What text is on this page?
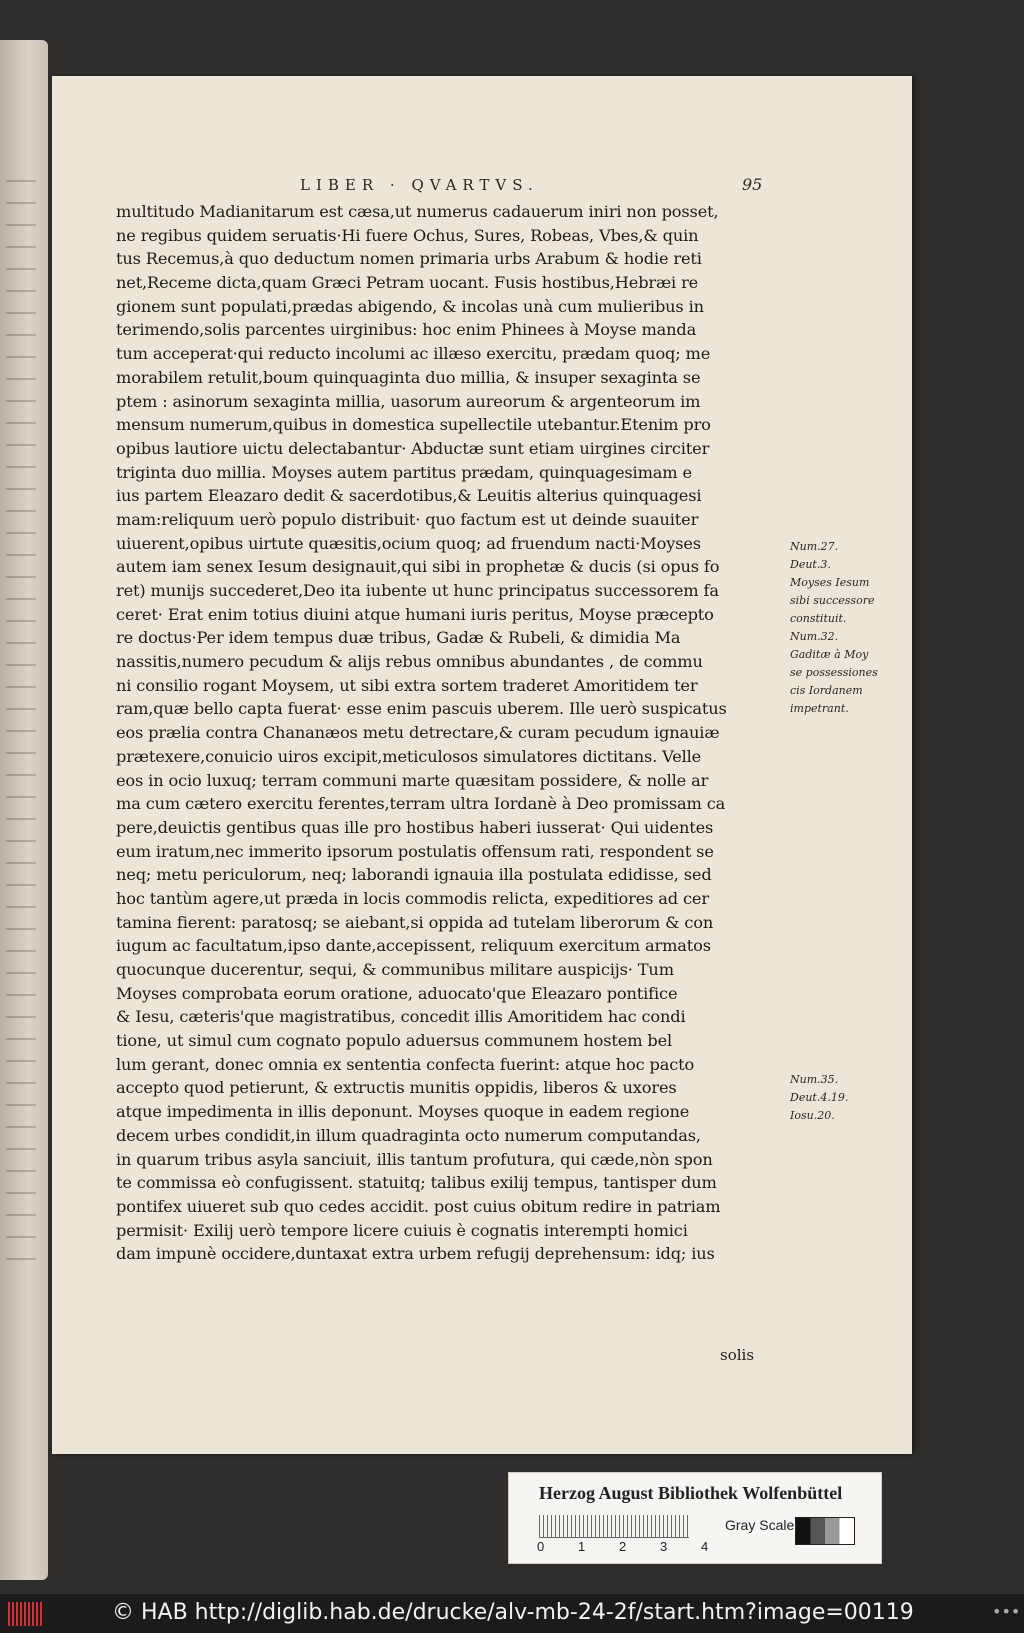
LIBER · QVARTVS.	95
multitudo Madianitarum est cæsa,ut numerus cadauerum iniri non posset,
ne regibus quidem seruatis·Hi fuere Ochus, Sures, Robeas, Vbes,& quin
tus Recemus,à quo deductum nomen primaria urbs Arabum & hodie reti
net,Receme dicta,quam Græci Petram uocant. Fusis hostibus,Hebræi re
gionem sunt populati,prædas abigendo, & incolas unà cum mulieribus in
terimendo,solis parcentes uirginibus: hoc enim Phinees à Moyse manda
tum acceperat·qui reducto incolumi ac illæso exercitu, prædam quoq; me
morabilem retulit,boum quinquaginta duo millia, & insuper sexaginta se
ptem : asinorum sexaginta millia, uasorum aureorum & argenteorum im
mensum numerum,quibus in domestica supellectile utebantur.Etenim pro
opibus lautiore uictu delectabantur· Abductæ sunt etiam uirgines circiter
triginta duo millia. Moyses autem partitus prædam, quinquagesimam e
ius partem Eleazaro dedit & sacerdotibus,& Leuitis alterius quinquagesi
mam:reliquum uerò populo distribuit· quo factum est ut deinde suauiter
uiuerent,opibus uirtute quæsitis,ocium quoq; ad fruendum nacti·Moyses
autem iam senex Iesum designauit,qui sibi in prophetæ & ducis (si opus fo
ret) munijs succederet,Deo ita iubente ut hunc principatus successorem fa
ceret· Erat enim totius diuini atque humani iuris peritus, Moyse præcepto
re doctus·Per idem tempus duæ tribus, Gadæ & Rubeli, & dimidia Ma
nassitis,numero pecudum & alijs rebus omnibus abundantes , de commu
ni consilio rogant Moysem, ut sibi extra sortem traderet Amoritidem ter
ram,quæ bello capta fuerat· esse enim pascuis uberem. Ille uerò suspicatus
eos prælia contra Chananæos metu detrectare,& curam pecudum ignauiæ
prætexere,conuicio uiros excipit,meticulosos simulatores dictitans. Velle
eos in ocio luxuq; terram communi marte quæsitam possidere, & nolle ar
ma cum cætero exercitu ferentes,terram ultra Iordanè à Deo promissam ca
pere,deuictis gentibus quas ille pro hostibus haberi iusserat· Qui uidentes
eum iratum,nec immerito ipsorum postulatis offensum rati, respondent se
neq; metu periculorum, neq; laborandi ignauia illa postulata edidisse, sed
hoc tantùm agere,ut præda in locis commodis relicta, expeditiores ad cer
tamina fierent: paratosq; se aiebant,si oppida ad tutelam liberorum & con
iugum ac facultatum,ipso dante,accepissent, reliquum exercitum armatos
quocunque ducerentur, sequi, & communibus militare auspicijs· Tum
Moyses comprobata eorum oratione, aduocato'que Eleazaro pontifice
& Iesu, cæteris'que magistratibus, concedit illis Amoritidem hac condi
tione, ut simul cum cognato populo aduersus communem hostem bel
lum gerant, donec omnia ex sententia confecta fuerint: atque hoc pacto
accepto quod petierunt, & extructis munitis oppidis, liberos & uxores
atque impedimenta in illis deponunt. Moyses quoque in eadem regione
decem urbes condidit,in illum quadraginta octo numerum computandas,
in quarum tribus asyla sanciuit, illis tantum profutura, qui cæde,nòn spon
te commissa eò confugissent. statuitq; talibus exilij tempus, tantisper dum
pontifex uiueret sub quo cedes accidit. post cuius obitum redire in patriam
permisit· Exilij uerò tempore licere cuiuis è cognatis interempti homici
dam impunè occidere,duntaxat extra urbem refugij deprehensum: idq; ius
solis
Num.27.
Deut.3.
Moyses Iesum
sibi successore
constituit.
Num.32.
Gaditæ à Moy
se possessiones
cis Iordanem
impetrant.
Num.35.
Deut.4.19.
Iosu.20.
Herzog August Bibliothek Wolfenbüttel
0	1	2	3	4
Gray Scale
© HAB http://diglib.hab.de/drucke/alv-mb-24-2f/start.htm?image=00119	•••
